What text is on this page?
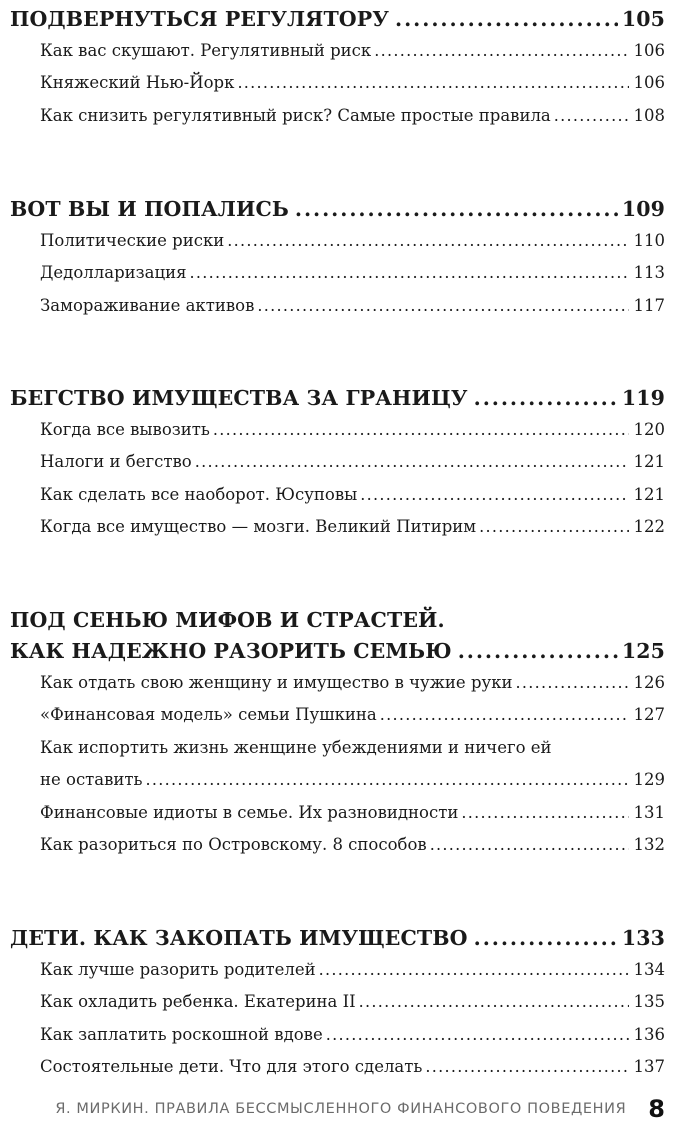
ПОДВЕРНУТЬСЯ РЕГУЛЯТОРУ . . .	105
Как вас скушают. Регулятивный риск . . .	106
Княжеский Нью-Йорк . . .	106
Как снизить регулятивный риск? Самые простые правила . . .	108
ВОТ ВЫ И ПОПАЛИСЬ . . .	109
Политические риски . . .	110
Дедолларизация . . .	113
Замораживание активов . . .	117
БЕГСТВО ИМУЩЕСТВА ЗА ГРАНИЦУ . . .	119
Когда все вывозить . . .	120
Налоги и бегство . . .	121
Как сделать все наоборот. Юсуповы . . .	121
Когда все имущество — мозги. Великий Питирим . . .	122
ПОД СЕНЬЮ МИФОВ И СТРАСТЕЙ.
КАК НАДЕЖНО РАЗОРИТЬ СЕМЬЮ . . .	125
Как отдать свою женщину и имущество в чужие руки . . .	126
«Финансовая модель» семьи Пушкина . . .	127
Как испортить жизнь женщине убеждениями и ничего ей
не оставить . . .	129
Финансовые идиоты в семье. Их разновидности . . .	131
Как разориться по Островскому. 8 способов . . .	132
ДЕТИ. КАК ЗАКОПАТЬ ИМУЩЕСТВО . . .	133
Как лучше разорить родителей . . .	134
Как охладить ребенка. Екатерина II . . .	135
Как заплатить роскошной вдове . . .	136
Состоятельные дети. Что для этого сделать . . .	137
Я. МИРКИН. ПРАВИЛА БЕССМЫСЛЕННОГО ФИНАНСОВОГО ПОВЕДЕНИЯ 8
